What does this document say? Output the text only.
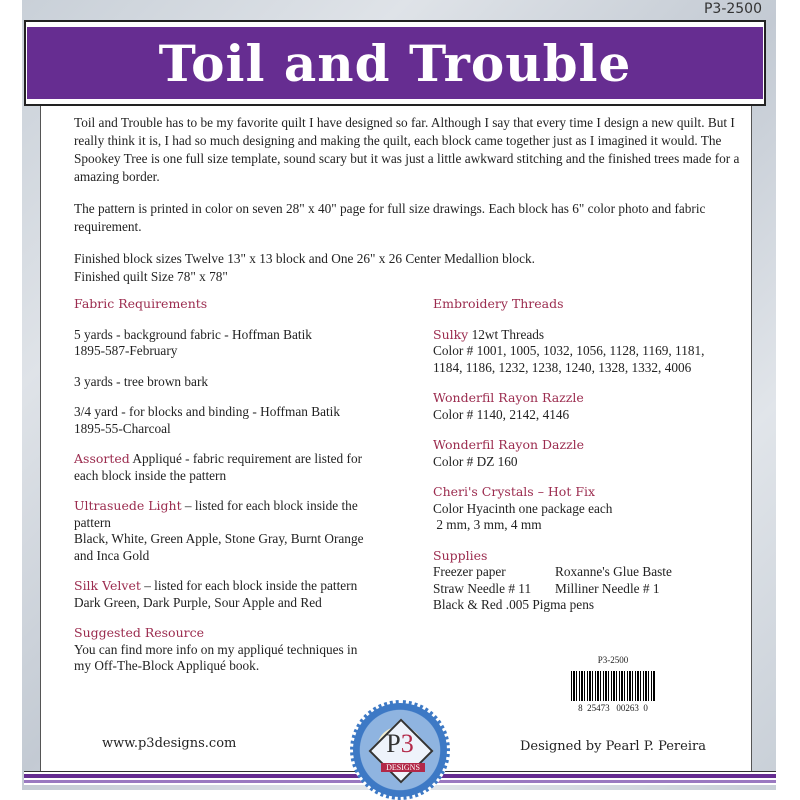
P3-2500
Toil and Trouble

Toil and Trouble has to be my favorite quilt I have designed so far. Although I say that every time I design a new quilt. But I really think it is, I had so much designing and making the quilt, each block came together just as I imagined it would. The Spookey Tree is one full size template, sound scary but it was just a little awkward stitching and the finished trees made for a amazing border.

The pattern is printed in color on seven 28" x 40" page for full size drawings. Each block has 6" color photo and fabric requirement.

Finished block sizes Twelve 13" x 13 block and One 26" x 26 Center Medallion block.
Finished quilt Size 78" x 78"
Fabric Requirements
5 yards - background fabric - Hoffman Batik
1895-587-February
3 yards - tree brown bark
3/4 yard - for blocks and binding - Hoffman Batik
1895-55-Charcoal
Assorted Appliqué - fabric requirement are listed for each block inside the pattern
Ultrasuede Light – listed for each block inside the pattern
Black, White, Green Apple, Stone Gray, Burnt Orange and Inca Gold
Silk Velvet – listed for each block inside the pattern
Dark Green, Dark Purple, Sour Apple and Red
Suggested Resource
You can find more info on my appliqué techniques in my Off-The-Block Appliqué book.
Embroidery Threads
Sulky 12wt Threads
Color # 1001, 1005, 1032, 1056, 1128, 1169, 1181, 1184, 1186, 1232, 1238, 1240, 1328, 1332, 4006
Wonderfil Rayon Razzle
Color # 1140, 2142, 4146
Wonderfil Rayon Dazzle
Color # DZ 160
Cheri's Crystals – Hot Fix
Color Hyacinth one package each
2 mm, 3 mm, 4 mm
Supplies
Freezer paper	Roxanne's Glue Baste
Straw Needle # 11	Milliner Needle # 1
Black & Red .005 Pigma pens
P3-2500
8  25473   00263  0
www.p3designs.com	Designed by Pearl P. Pereira
P3
DESIGNS
